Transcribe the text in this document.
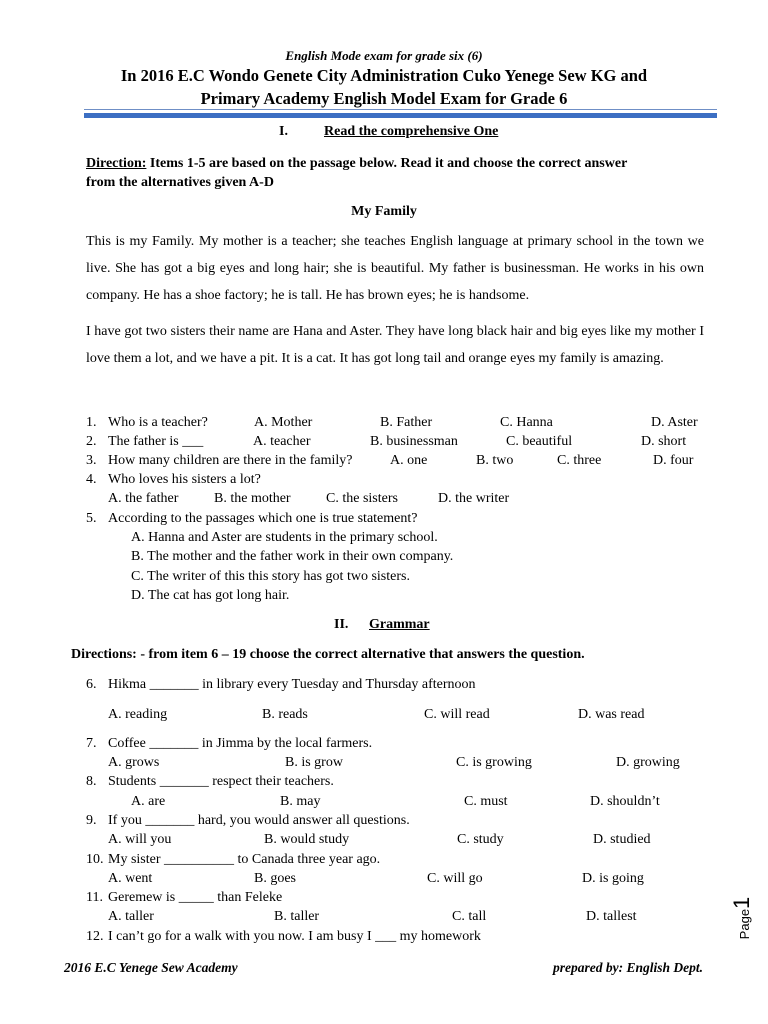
English Mode exam for grade six (6)
In 2016 E.C Wondo Genete City Administration Cuko Yenege Sew KG and
Primary Academy English Model Exam for Grade 6
I.	Read the comprehensive One
Direction: Items 1-5 are based on the passage below. Read it and choose the correct answer
from the alternatives given A-D
My Family
This is my Family. My mother is a teacher; she teaches English language at primary school in the town we live. She has got a big eyes and long hair; she is beautiful. My father is businessman. He works in his own company. He has a shoe factory; he is tall. He has brown eyes; he is handsome.
I have got two sisters their name are Hana and Aster. They have long black hair and big eyes like my mother I love them a lot, and we have a pit. It is a cat. It has got long tail and orange eyes my family is amazing.
1. Who is a teacher?	A. Mother	B. Father	C. Hanna	D. Aster
2. The father is ___	A. teacher	B. businessman	C. beautiful	D. short
3. How many children are there in the family?	A. one	B. two	C. three	D. four
4. Who loves his sisters a lot?
A. the father	B. the mother	C. the sisters	D. the writer
5. According to the passages which one is true statement?
A. Hanna and Aster are students in the primary school.
B. The mother and the father work in their own company.
C. The writer of this this story has got two sisters.
D. The cat has got long hair.
II. Grammar
Directions: - from item 6 – 19 choose the correct alternative that answers the question.
6. Hikma _______ in library every Tuesday and Thursday afternoon
A. reading	B. reads	C. will read	D. was read
7. Coffee _______ in Jimma by the local farmers.
A. grows	B. is grow	C. is growing	D. growing
8. Students _______ respect their teachers.
A. are	B. may	C. must	D. shouldn’t
9. If you _______ hard, you would answer all questions.
A. will you	B. would study	C. study	D. studied
10. My sister __________ to Canada three year ago.
A. went	B. goes	C. will go	D. is going
11. Geremew is _____ than Feleke
A. taller	B. taller	C. tall	D. tallest
12. I can’t go for a walk with you now. I am busy I ___ my homework	Page1
2016 E.C Yenege Sew Academy	prepared by: English Dept.
